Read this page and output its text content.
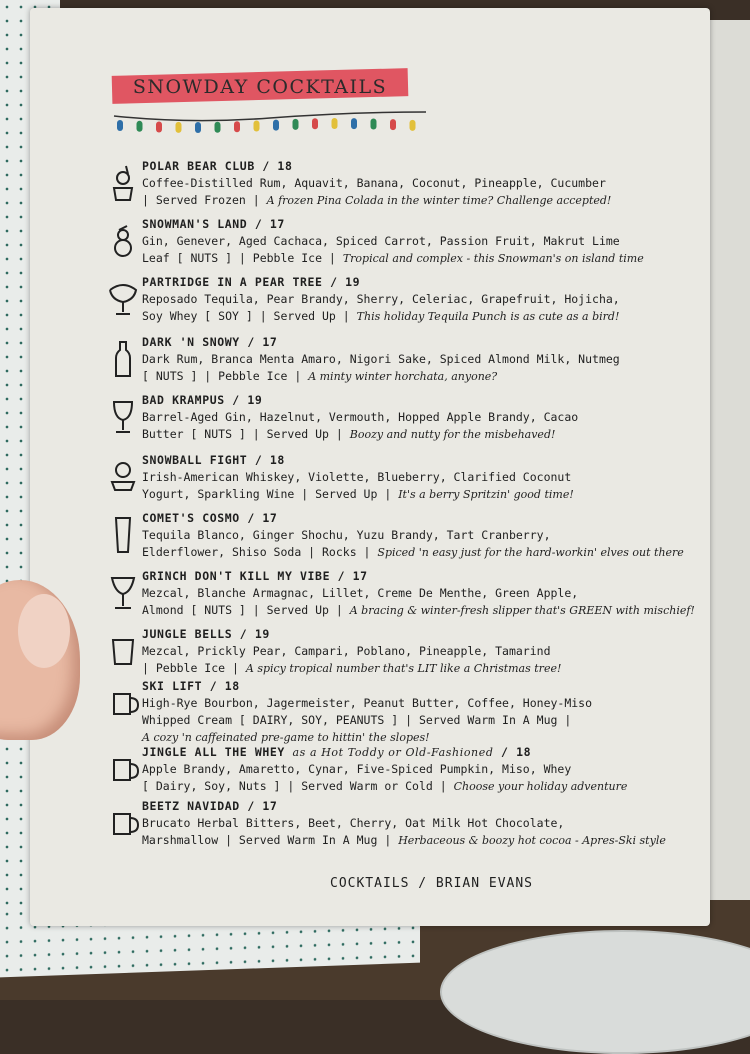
SNOWDAY COCKTAILS
POLAR BEAR CLUB / 18
Coffee-Distilled Rum, Aquavit, Banana, Coconut, Pineapple, Cucumber
| Served Frozen | A frozen Pina Colada in the winter time? Challenge accepted!
SNOWMAN'S LAND / 17
Gin, Genever, Aged Cachaca, Spiced Carrot, Passion Fruit, Makrut Lime
Leaf [ NUTS ] | Pebble Ice | Tropical and complex - this Snowman's on island time
PARTRIDGE IN A PEAR TREE / 19
Reposado Tequila, Pear Brandy, Sherry, Celeriac, Grapefruit, Hojicha,
Soy Whey [ SOY ] | Served Up | This holiday Tequila Punch is as cute as a bird!
DARK 'N SNOWY / 17
Dark Rum, Branca Menta Amaro, Nigori Sake, Spiced Almond Milk, Nutmeg
[ NUTS ] | Pebble Ice | A minty winter horchata, anyone?
BAD KRAMPUS / 19
Barrel-Aged Gin, Hazelnut, Vermouth, Hopped Apple Brandy, Cacao
Butter [ NUTS ] | Served Up | Boozy and nutty for the misbehaved!
SNOWBALL FIGHT / 18
Irish-American Whiskey, Violette, Blueberry, Clarified Coconut
Yogurt, Sparkling Wine | Served Up | It's a berry Spritzin' good time!
COMET'S COSMO / 17
Tequila Blanco, Ginger Shochu, Yuzu Brandy, Tart Cranberry,
Elderflower, Shiso Soda | Rocks | Spiced 'n easy just for the hard-workin' elves out there
GRINCH DON'T KILL MY VIBE / 17
Mezcal, Blanche Armagnac, Lillet, Creme De Menthe, Green Apple,
Almond [ NUTS ] | Served Up | A bracing & winter-fresh slipper that's GREEN with mischief!
JUNGLE BELLS / 19
Mezcal, Prickly Pear, Campari, Poblano, Pineapple, Tamarind
| Pebble Ice | A spicy tropical number that's LIT like a Christmas tree!
SKI LIFT / 18
High-Rye Bourbon, Jagermeister, Peanut Butter, Coffee, Honey-Miso
Whipped Cream [ DAIRY, SOY, PEANUTS ] | Served Warm In A Mug |
A cozy 'n caffeinated pre-game to hittin' the slopes!
JINGLE ALL THE WHEY as a Hot Toddy or Old-Fashioned / 18
Apple Brandy, Amaretto, Cynar, Five-Spiced Pumpkin, Miso, Whey
[ Dairy, Soy, Nuts ] | Served Warm or Cold | Choose your holiday adventure
BEETZ NAVIDAD / 17
Brucato Herbal Bitters, Beet, Cherry, Oat Milk Hot Chocolate,
Marshmallow | Served Warm In A Mug | Herbaceous & boozy hot cocoa - Apres-Ski style
COCKTAILS / BRIAN EVANS
